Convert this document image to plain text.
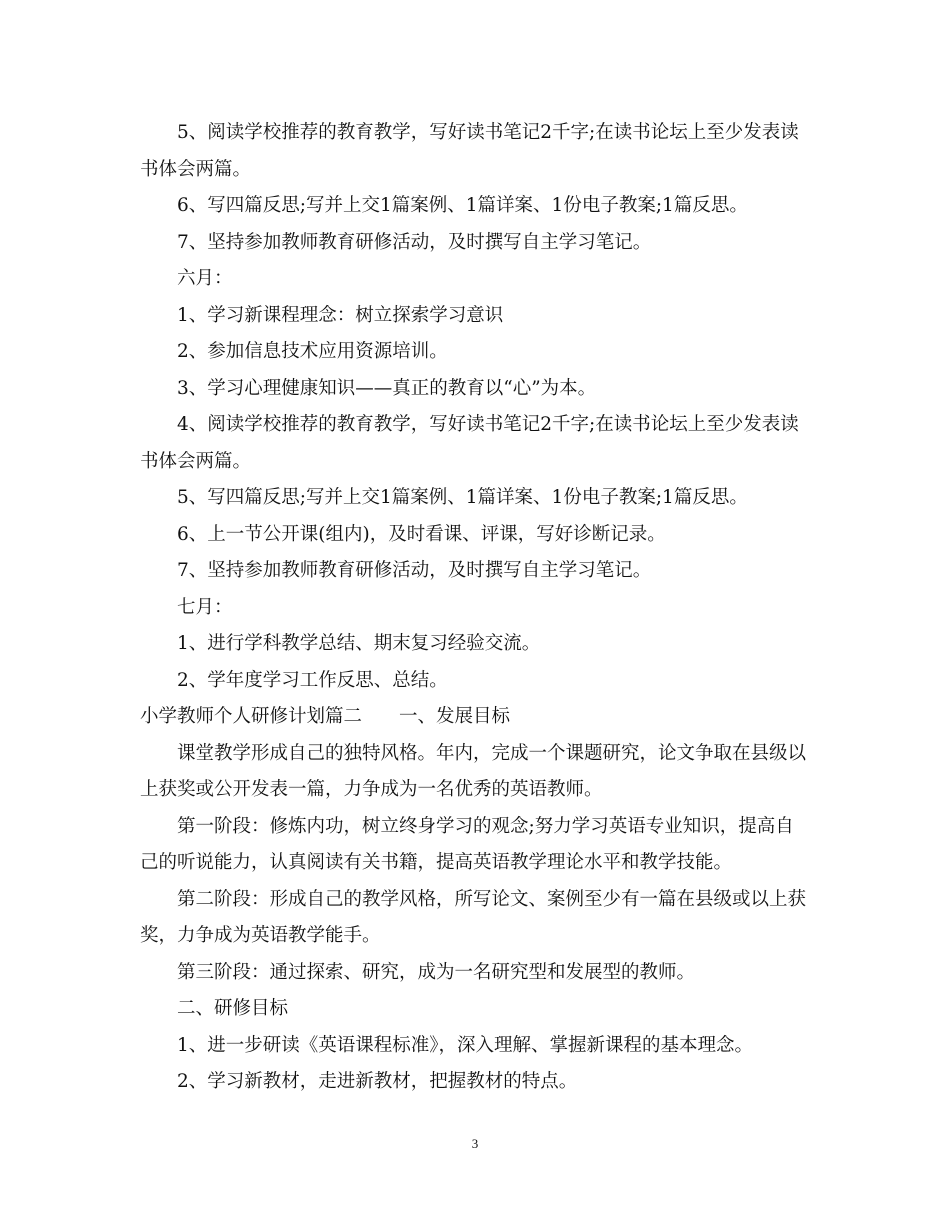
5、阅读学校推荐的教育教学，写好读书笔记2千字;在读书论坛上至少发表读
书体会两篇。
6、写四篇反思;写并上交1篇案例、1篇详案、1份电子教案;1篇反思。
7、坚持参加教师教育研修活动，及时撰写自主学习笔记。
六月：
1、学习新课程理念：树立探索学习意识
2、参加信息技术应用资源培训。
3、学习心理健康知识——真正的教育以“心”为本。
4、阅读学校推荐的教育教学，写好读书笔记2千字;在读书论坛上至少发表读
书体会两篇。
5、写四篇反思;写并上交1篇案例、1篇详案、1份电子教案;1篇反思。
6、上一节公开课(组内)，及时看课、评课，写好诊断记录。
7、坚持参加教师教育研修活动，及时撰写自主学习笔记。
七月：
1、进行学科教学总结、期末复习经验交流。
2、学年度学习工作反思、总结。
小学教师个人研修计划篇二　　一、发展目标
课堂教学形成自己的独特风格。年内，完成一个课题研究，论文争取在县级以
上获奖或公开发表一篇，力争成为一名优秀的英语教师。
第一阶段：修炼内功，树立终身学习的观念;努力学习英语专业知识，提高自
己的听说能力，认真阅读有关书籍，提高英语教学理论水平和教学技能。
第二阶段：形成自己的教学风格，所写论文、案例至少有一篇在县级或以上获
奖，力争成为英语教学能手。
第三阶段：通过探索、研究，成为一名研究型和发展型的教师。
二、研修目标
1、进一步研读《英语课程标准》，深入理解、掌握新课程的基本理念。
2、学习新教材，走进新教材，把握教材的特点。
3
